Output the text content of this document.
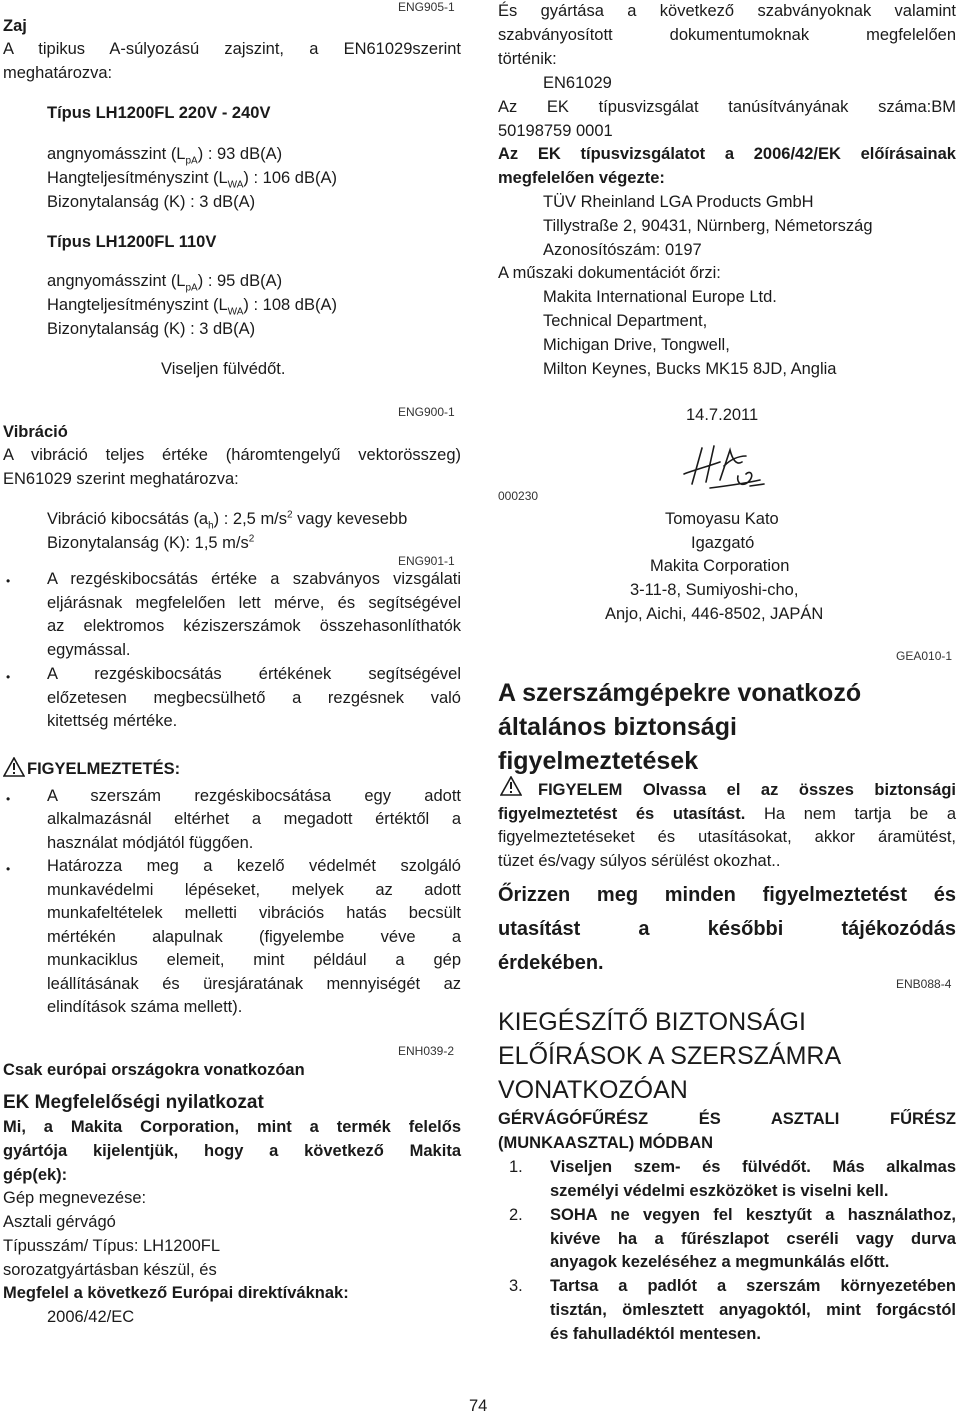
ENG905-1
Zaj
A tipikus A-súlyozású zajszint, a EN61029szerint
meghatározva:
Típus LH1200FL 220V - 240V
angnyomásszint $(L_{pA})$ : 93 dB(A)
Hangteljesítményszint $(L_{WA})$ : 106 dB(A)
Bizonytalanság (K) : 3 dB(A)
Típus LH1200FL 110V
angnyomásszint $(L_{pA})$ : 95 dB(A)
Hangteljesítményszint $(L_{WA})$ : 108 dB(A)
Bizonytalanság (K) : 3 dB(A)
Viseljen fülvédőt.
ENG900-1
Vibráció
A vibráció teljes értéke (háromtengelyű vektorösszeg)
EN61029 szerint meghatározva:
Vibráció kibocsátás $(a_h)$ : 2,5 $m/s^2$ vagy kevesebb
Bizonytalanság (K): 1,5 $m/s^2$
ENG901-1
• A rezgéskibocsátás értéke a szabványos vizsgálati
eljárásnak megfelelően lett mérve, és segítségével
az elektromos kéziszerszámok összehasonlíthatók
egymással.
• A rezgéskibocsátás értékének segítségével
előzetesen megbecsülhető a rezgésnek való
kitettség mértéke.
FIGYELMEZTETÉS:
• A szerszám rezgéskibocsátása egy adott
alkalmazásnál eltérhet a megadott értéktől a
használat módjától függően.
• Határozza meg a kezelő védelmét szolgáló
munkavédelmi lépéseket, melyek az adott
munkafeltételek melletti vibrációs hatás becsült
mértékén alapulnak (figyelembe véve a
munkaciklus elemeit, mint például a gép
leállításának és üresjáratának mennyiségét az
elindítások száma mellett).
ENH039-2
Csak európai országokra vonatkozóan
EK Megfelelőségi nyilatkozat
Mi, a Makita Corporation, mint a termék felelős
gyártója kijelentjük, hogy a következő Makita
gép(ek):
Gép megnevezése:
Asztali gérvágó
Típusszám/ Típus: LH1200FL
sorozatgyártásban készül, és
Megfelel a következő Európai direktíváknak:
2006/42/EC
És gyártása a következő szabványoknak valamint
szabványosított dokumentumoknak megfelelően
történik:
EN61029
Az EK típusvizsgálat tanúsítványának száma:BM
50198759 0001
Az EK típusvizsgálatot a 2006/42/EK előírásainak
megfelelően végezte:
TÜV Rheinland LGA Products GmbH
Tillystraße 2, 90431, Nürnberg, Németország
Azonosítószám: 0197
A műszaki dokumentációt őrzi:
Makita International Europe Ltd.
Technical Department,
Michigan Drive, Tongwell,
Milton Keynes, Bucks MK15 8JD, Anglia
14.7.2011
000230
Tomoyasu Kato
Igazgató
Makita Corporation
3-11-8, Sumiyoshi-cho,
Anjo, Aichi, 446-8502, JAPÁN
GEA010-1
A szerszámgépekre vonatkozó
általános biztonsági
figyelmeztetések
FIGYELEM Olvassa el az összes biztonsági
figyelmeztetést és utasítást. Ha nem tartja be a
figyelmeztetéseket és utasításokat, akkor áramütést,
tüzet és/vagy súlyos sérülést okozhat..
Őrizzen meg minden figyelmeztetést és
utasítást a későbbi tájékozódás
érdekében.
ENB088-4
KIEGÉSZÍTŐ BIZTONSÁGI
ELŐÍRÁSOK A SZERSZÁMRA
VONATKOZÓAN
GÉRVÁGÓFŰRÉSZ ÉS ASZTALI FŰRÉSZ
(MUNKAASZTAL) MÓDBAN
1. Viseljen szem- és fülvédőt. Más alkalmas
személyi védelmi eszközöket is viselni kell.
2. SOHA ne vegyen fel kesztyűt a használathoz,
kivéve ha a fűrészlapot cseréli vagy durva
anyagok kezeléséhez a megmunkálás előtt.
3. Tartsa a padlót a szerszám környezetében
tisztán, ömlesztett anyagoktól, mint forgácstól
és fahulladéktól mentesen.
74
